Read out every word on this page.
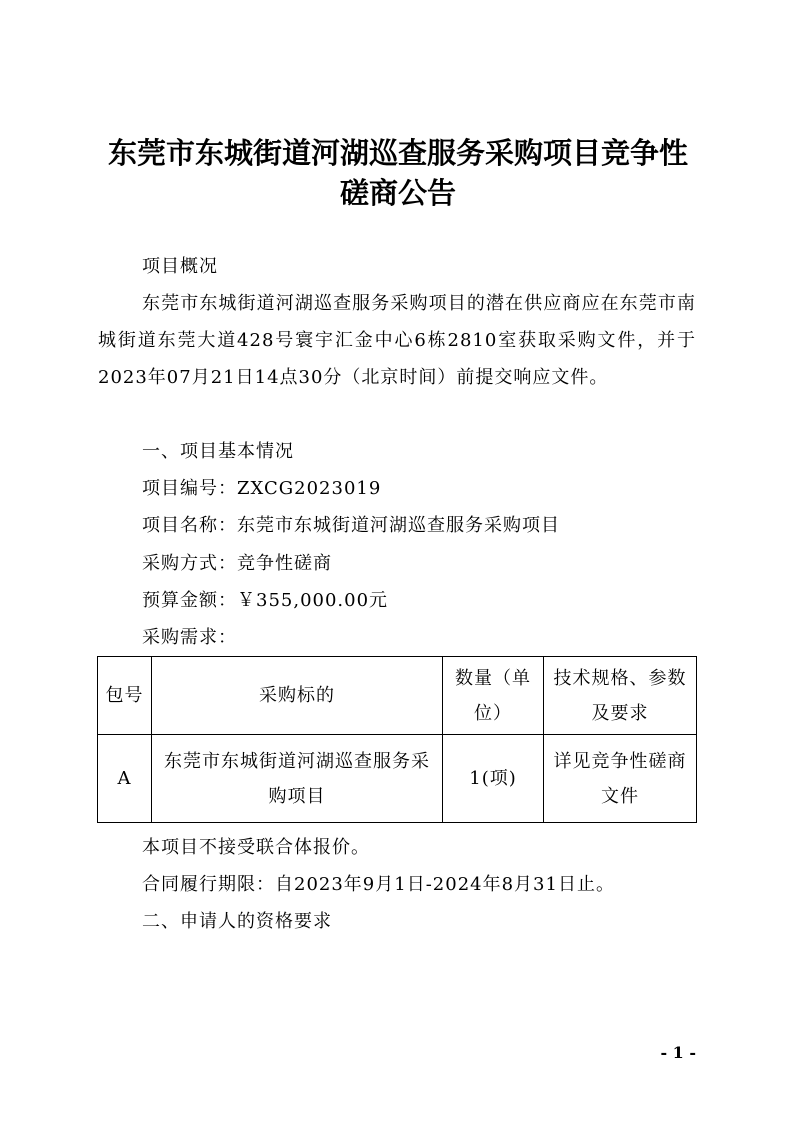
东莞市东城街道河湖巡查服务采购项目竞争性
磋商公告
项目概况
东莞市东城街道河湖巡查服务采购项目的潜在供应商应在东莞市南城街道东莞大道428号寰宇汇金中心6栋2810室获取采购文件，并于2023年07月21日14点30分（北京时间）前提交响应文件。
一、项目基本情况
项目编号：ZXCG2023019
项目名称：东莞市东城街道河湖巡查服务采购项目
采购方式：竞争性磋商
预算金额：￥355,000.00元
采购需求：
包号	采购标的	数量（单位）	技术规格、参数及要求
A	东莞市东城街道河湖巡查服务采购项目	1(项)	详见竞争性磋商文件
本项目不接受联合体报价。
合同履行期限：自2023年9月1日-2024年8月31日止。
二、申请人的资格要求
- 1 -
